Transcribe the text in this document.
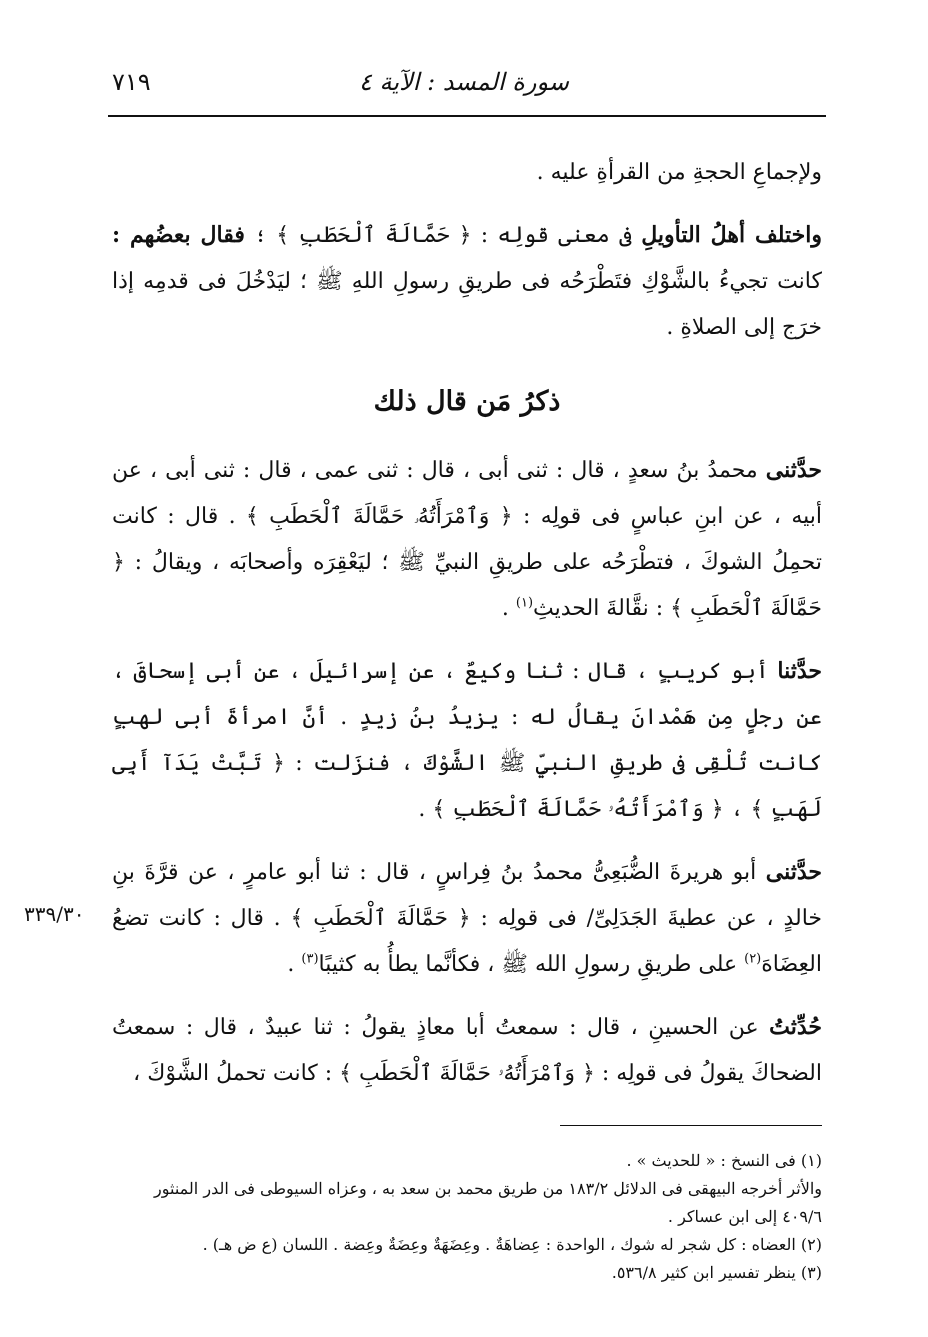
سورة المسد : الآية ٤
٧١٩
٣٣٩/٣٠

ولإجماعِ الحجةِ من القرأةِ عليه .

واختلف أهلُ التأويلِ فى معنى قولِه : ﴿ حَمَّالَةَ ٱلْحَطَبِ ﴾ ؛ فقال بعضُهم : كانت تجيءُ بالشَّوْكِ فتَطْرَحُه فى طريقِ رسولِ اللهِ ﷺ ؛ ليَدْخُلَ فى قدمِه إذا خرَج إلى الصلاةِ .

ذكرُ مَن قال ذلك

حدَّثنى محمدُ بنُ سعدٍ ، قال : ثنى أبى ، قال : ثنى عمى ، قال : ثنى أبى ، عن أبيه ، عن ابنِ عباسٍ فى قولِه : ﴿ وَٱمْرَأَتُهُۥ حَمَّالَةَ ٱلْحَطَبِ ﴾ . قال : كانت تحمِلُ الشوكَ ، فتطْرَحُه على طريقِ النبيِّ ﷺ ؛ ليَعْقِرَه وأصحابَه ، ويقالُ : ﴿ حَمَّالَةَ ٱلْحَطَبِ ﴾ : نقَّالةَ الحديثِ$^{(١)}$ .

حدَّثنا أبو كريبٍ ، قال : ثنا وكيعٌ ، عن إسرائيلَ ، عن أبى إسحاقَ ، عن رجلٍ مِن هَمْدانَ يقالُ له : يزيدُ بنُ زيدٍ . أنَّ امرأةَ أبى لهبٍ كانت تُلْقِى فى طريقِ النبيِّ ﷺ الشَّوْكَ ، فنزَلت : ﴿ تَبَّتْ يَدَآ أَبِى لَهَبٍ ﴾ ، ﴿ وَٱمْرَأَتُهُۥ حَمَّالَةَ ٱلْحَطَبِ ﴾ .

حدَّثنى أبو هريرةَ الضُّبَعِىُّ محمدُ بنُ فِراسٍ ، قال : ثنا أبو عامرٍ ، عن قرَّةَ بنِ خالدٍ ، عن عطيةَ الجَدَلِىِّ/ فى قولِه : ﴿ حَمَّالَةَ ٱلْحَطَبِ ﴾ . قال : كانت تضعُ العِضَاهَ$^{(٢)}$ على طريقِ رسولِ الله ﷺ ، فكأنَّما يطأُ به كثيبًا$^{(٣)}$ .

حُدِّثتُ عن الحسينِ ، قال : سمعتُ أبا معاذٍ يقولُ : ثنا عبيدٌ ، قال : سمعتُ الضحاكَ يقولُ فى قولِه : ﴿ وَٱمْرَأَتُهُۥ حَمَّالَةَ ٱلْحَطَبِ ﴾ : كانت تحملُ الشَّوْكَ ،

(١) فى النسخ : « للحديث » .
والأثر أخرجه البيهقى فى الدلائل ١٨٣/٢ من طريق محمد بن سعد به ، وعزاه السيوطى فى الدر المنثور ٤٠٩/٦ إلى ابن عساكر .
(٢) العضاه : كل شجر له شوك ، الواحدة : عِضاهَةٌ . وعِضَهَةٌ وعِضَةٌ وعِضة . اللسان (ع ض هـ) .
(٣) ينظر تفسير ابن كثير ٥٣٦/٨.
